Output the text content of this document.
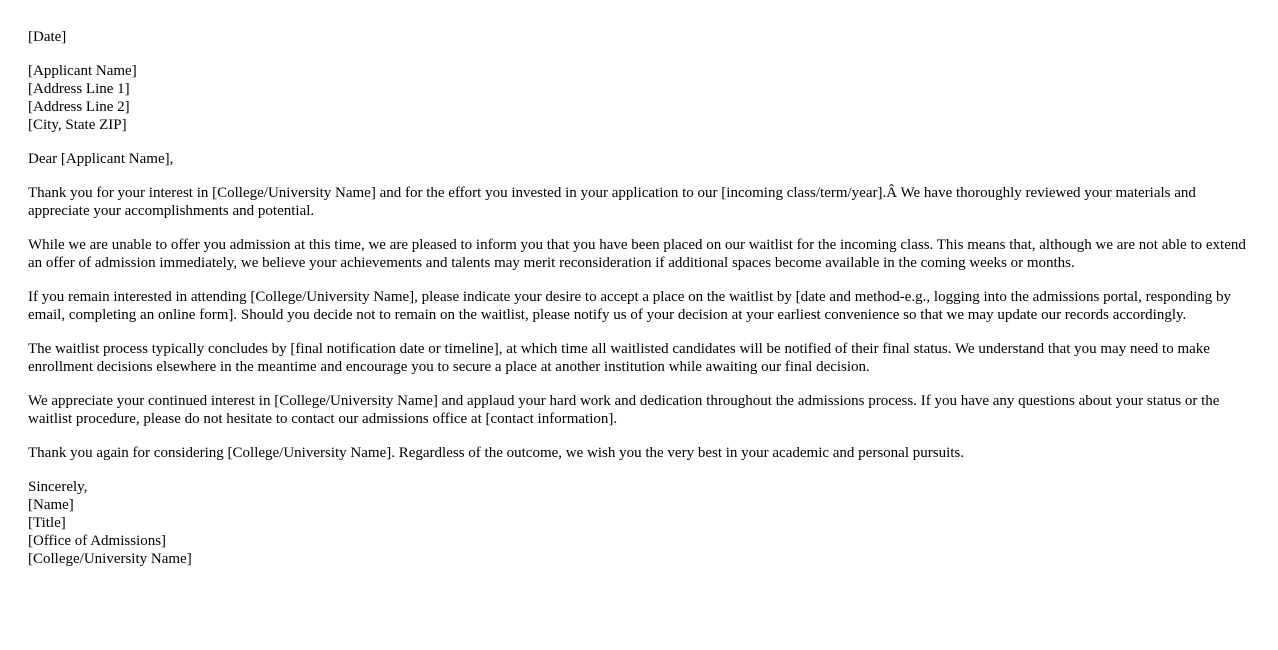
[Date]
[Applicant Name]
[Address Line 1]
[Address Line 2]
[City, State ZIP]
Dear [Applicant Name],

Thank you for your interest in [College/University Name] and for the effort you invested in your application to our [incoming class/term/year].Â We have thoroughly reviewed your materials and appreciate your accomplishments and potential.

While we are unable to offer you admission at this time, we are pleased to inform you that you have been placed on our waitlist for the incoming class. This means that, although we are not able to extend an offer of admission immediately, we believe your achievements and talents may merit reconsideration if additional spaces become available in the coming weeks or months.

If you remain interested in attending [College/University Name], please indicate your desire to accept a place on the waitlist by [date and method-e.g., logging into the admissions portal, responding by email, completing an online form]. Should you decide not to remain on the waitlist, please notify us of your decision at your earliest convenience so that we may update our records accordingly.

The waitlist process typically concludes by [final notification date or timeline], at which time all waitlisted candidates will be notified of their final status. We understand that you may need to make enrollment decisions elsewhere in the meantime and encourage you to secure a place at another institution while awaiting our final decision.

We appreciate your continued interest in [College/University Name] and applaud your hard work and dedication throughout the admissions process. If you have any questions about your status or the waitlist procedure, please do not hesitate to contact our admissions office at [contact information].

Thank you again for considering [College/University Name]. Regardless of the outcome, we wish you the very best in your academic and personal pursuits.

Sincerely,
[Name]
[Title]
[Office of Admissions]
[College/University Name]
